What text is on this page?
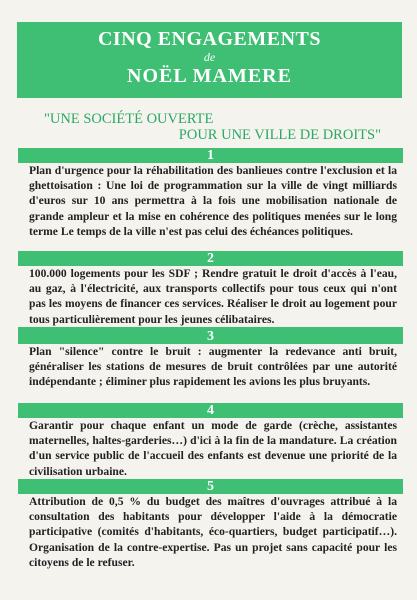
CINQ ENGAGEMENTS
de
NOËL MAMERE
"UNE SOCIÉTÉ OUVERTE
POUR UNE VILLE DE DROITS"
1
Plan d'urgence pour la réhabilitation des banlieues contre l'exclusion et la ghettoisation : Une loi de programmation sur la ville de vingt milliards d'euros sur 10 ans permettra à la fois une mobilisation nationale de grande ampleur et la mise en cohérence des politiques menées sur le long terme Le temps de la ville n'est pas celui des échéances politiques.
2
100.000 logements pour les SDF ; Rendre gratuit le droit d'accès à l'eau, au gaz, à l'électricité, aux transports collectifs pour tous ceux qui n'ont pas les moyens de financer ces services. Réaliser le droit au logement pour tous particulièrement pour les jeunes célibataires.
3
Plan "silence" contre le bruit : augmenter la redevance anti bruit, généraliser les stations de mesures de bruit contrôlées par une autorité indépendante ; éliminer plus rapidement les avions les plus bruyants.
4
Garantir pour chaque enfant un mode de garde (crèche, assistantes maternelles, haltes-garderies…) d'ici à la fin de la mandature. La création d'un service public de l'accueil des enfants est devenue une priorité de la civilisation urbaine.
5
Attribution de 0,5 % du budget des maîtres d'ouvrages attribué à la consultation des habitants pour développer l'aide à la démocratie participative (comités d'habitants, éco-quartiers, budget participatif…). Organisation de la contre-expertise. Pas un projet sans capacité pour les citoyens de le refuser.
